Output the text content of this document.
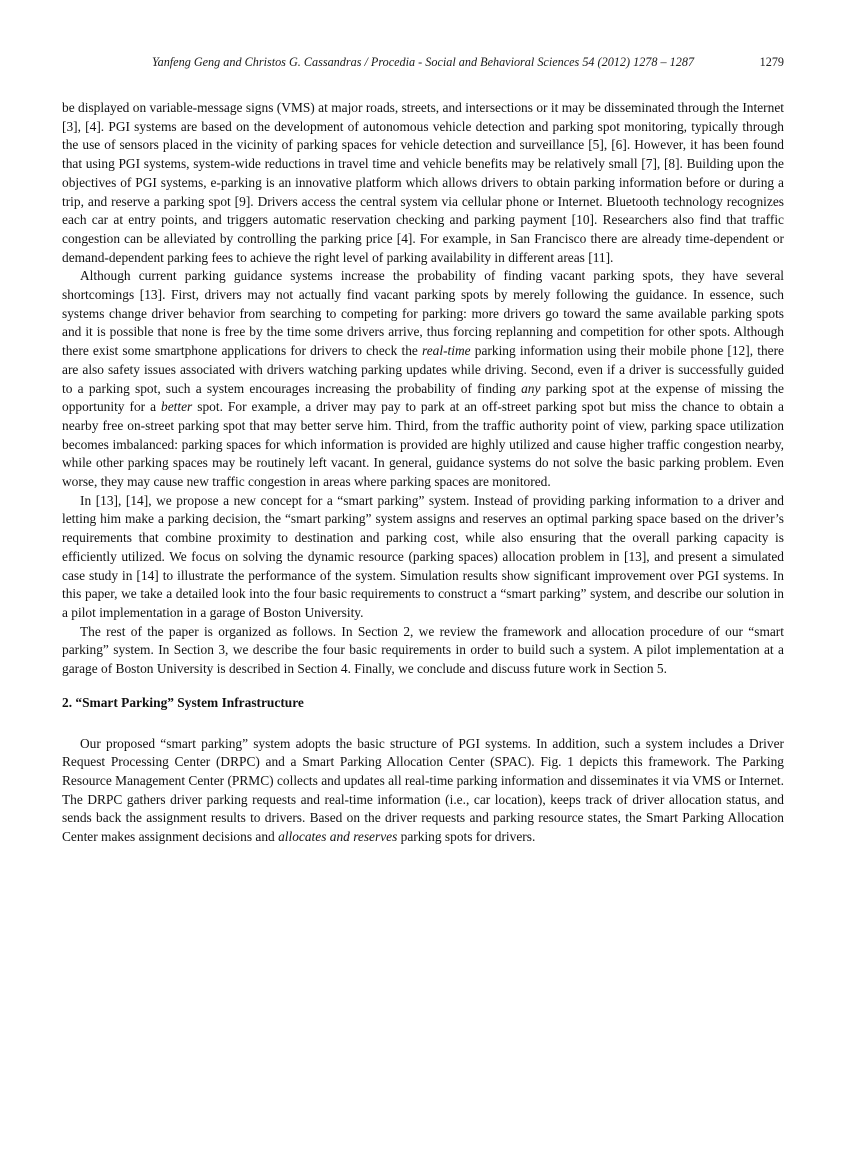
Yanfeng Geng and Christos G. Cassandras / Procedia - Social and Behavioral Sciences 54 (2012) 1278 – 1287	1279

be displayed on variable-message signs (VMS) at major roads, streets, and intersections or it may be disseminated through the Internet [3], [4]. PGI systems are based on the development of autonomous vehicle detection and parking spot monitoring, typically through the use of sensors placed in the vicinity of parking spaces for vehicle detection and surveillance [5], [6]. However, it has been found that using PGI systems, system-wide reductions in travel time and vehicle benefits may be relatively small [7], [8]. Building upon the objectives of PGI systems, e-parking is an innovative platform which allows drivers to obtain parking information before or during a trip, and reserve a parking spot [9]. Drivers access the central system via cellular phone or Internet. Bluetooth technology recognizes each car at entry points, and triggers automatic reservation checking and parking payment [10]. Researchers also find that traffic congestion can be alleviated by controlling the parking price [4]. For example, in San Francisco there are already time-dependent or demand-dependent parking fees to achieve the right level of parking availability in different areas [11].

Although current parking guidance systems increase the probability of finding vacant parking spots, they have several shortcomings [13]. First, drivers may not actually find vacant parking spots by merely following the guidance. In essence, such systems change driver behavior from searching to competing for parking: more drivers go toward the same available parking spots and it is possible that none is free by the time some drivers arrive, thus forcing replanning and competition for other spots. Although there exist some smartphone applications for drivers to check the real-time parking information using their mobile phone [12], there are also safety issues associated with drivers watching parking updates while driving. Second, even if a driver is successfully guided to a parking spot, such a system encourages increasing the probability of finding any parking spot at the expense of missing the opportunity for a better spot. For example, a driver may pay to park at an off-street parking spot but miss the chance to obtain a nearby free on-street parking spot that may better serve him. Third, from the traffic authority point of view, parking space utilization becomes imbalanced: parking spaces for which information is provided are highly utilized and cause higher traffic congestion nearby, while other parking spaces may be routinely left vacant. In general, guidance systems do not solve the basic parking problem. Even worse, they may cause new traffic congestion in areas where parking spaces are monitored.

In [13], [14], we propose a new concept for a “smart parking” system. Instead of providing parking information to a driver and letting him make a parking decision, the “smart parking” system assigns and reserves an optimal parking space based on the driver’s requirements that combine proximity to destination and parking cost, while also ensuring that the overall parking capacity is efficiently utilized. We focus on solving the dynamic resource (parking spaces) allocation problem in [13], and present a simulated case study in [14] to illustrate the performance of the system. Simulation results show significant improvement over PGI systems. In this paper, we take a detailed look into the four basic requirements to construct a “smart parking” system, and describe our solution in a pilot implementation in a garage of Boston University.

The rest of the paper is organized as follows. In Section 2, we review the framework and allocation procedure of our “smart parking” system. In Section 3, we describe the four basic requirements in order to build such a system. A pilot implementation at a garage of Boston University is described in Section 4. Finally, we conclude and discuss future work in Section 5.

2. “Smart Parking” System Infrastructure

Our proposed “smart parking” system adopts the basic structure of PGI systems. In addition, such a system includes a Driver Request Processing Center (DRPC) and a Smart Parking Allocation Center (SPAC). Fig. 1 depicts this framework. The Parking Resource Management Center (PRMC) collects and updates all real-time parking information and disseminates it via VMS or Internet. The DRPC gathers driver parking requests and real-time information (i.e., car location), keeps track of driver allocation status, and sends back the assignment results to drivers. Based on the driver requests and parking resource states, the Smart Parking Allocation Center makes assignment decisions and allocates and reserves parking spots for drivers.
